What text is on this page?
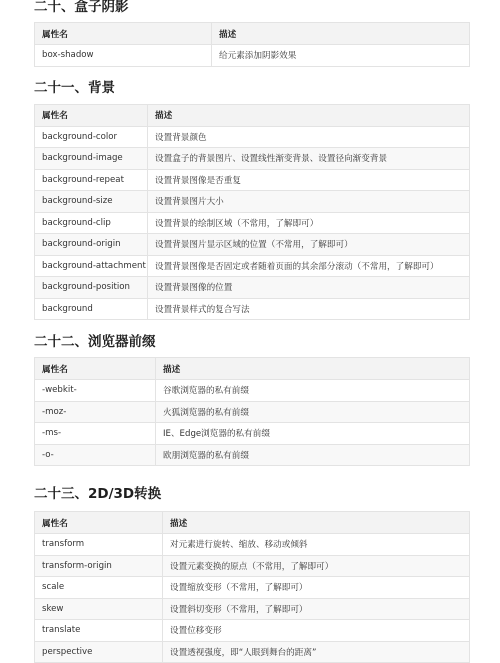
二十、盒子阴影
属性名	描述
box-shadow	给元素添加阴影效果
二十一、背景
属性名	描述
background-color	设置背景颜色
background-image	设置盒子的背景图片、设置线性渐变背景、设置径向渐变背景
background-repeat	设置背景图像是否重复
background-size	设置背景图片大小
background-clip	设置背景的绘制区域（不常用，了解即可）
background-origin	设置背景图片显示区域的位置（不常用，了解即可）
background-attachment	设置背景图像是否固定或者随着页面的其余部分滚动（不常用，了解即可）
background-position	设置背景图像的位置
background	设置背景样式的复合写法
二十二、浏览器前缀
属性名	描述
-webkit-	谷歌浏览器的私有前缀
-moz-	火狐浏览器的私有前缀
-ms-	IE、Edge浏览器的私有前缀
-o-	欧朋浏览器的私有前缀
二十三、2D/3D转换
属性名	描述
transform	对元素进行旋转、缩放、移动或倾斜
transform-origin	设置元素变换的原点（不常用，了解即可）
scale	设置缩放变形（不常用，了解即可）
skew	设置斜切变形（不常用，了解即可）
translate	设置位移变形
perspective	设置透视强度，即“人眼到舞台的距离”
